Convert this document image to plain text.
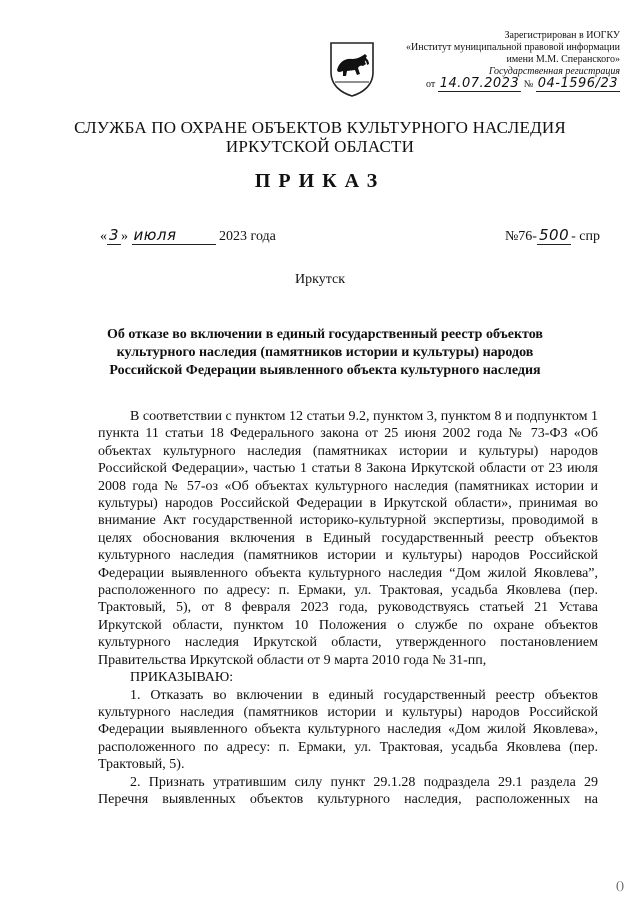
Зарегистрирован в ИОГКУ
«Институт муниципальной правовой информации
имени М.М. Сперанского»
Государственная регистрация
от 14.07.2023 № 04-1596/23
СЛУЖБА ПО ОХРАНЕ ОБЪЕКТОВ КУЛЬТУРНОГО НАСЛЕДИЯ
ИРКУТСКОЙ ОБЛАСТИ
ПРИКАЗ
« 3 » июля	2023 года	№76- 500 - спр
Иркутск
Об отказе во включении в единый государственный реестр объектов культурного наследия (памятников истории и культуры) народов Российской Федерации выявленного объекта культурного наследия

В соответствии с пунктом 12 статьи 9.2, пунктом 3, пунктом 8 и подпунктом 1 пункта 11 статьи 18 Федерального закона от 25 июня 2002 года № 73-ФЗ «Об объектах культурного наследия (памятниках истории и культуры) народов Российской Федерации», частью 1 статьи 8 Закона Иркутской области от 23 июля 2008 года № 57-оз «Об объектах культурного наследия (памятниках истории и культуры) народов Российской Федерации в Иркутской области», принимая во внимание Акт государственной историко-культурной экспертизы, проводимой в целях обоснования включения в Единый государственный реестр объектов культурного наследия (памятников истории и культуры) народов Российской Федерации выявленного объекта культурного наследия “Дом жилой Яковлева”, расположенного по адресу: п. Ермаки, ул. Трактовая, усадьба Яковлева (пер. Трактовый, 5), от 8 февраля 2023 года, руководствуясь статьей 21 Устава Иркутской области, пунктом 10 Положения о службе по охране объектов культурного наследия Иркутской области, утвержденного постановлением Правительства Иркутской области от 9 марта 2010 года № 31-пп,

ПРИКАЗЫВАЮ:

1. Отказать во включении в единый государственный реестр объектов культурного наследия (памятников истории и культуры) народов Российской Федерации выявленного объекта культурного наследия «Дом жилой Яковлева», расположенного по адресу: п. Ермаки, ул. Трактовая, усадьба Яковлева (пер. Трактовый, 5).

2. Признать утратившим силу пункт 29.1.28 подраздела 29.1 раздела 29 Перечня выявленных объектов культурного наследия, расположенных на

()
